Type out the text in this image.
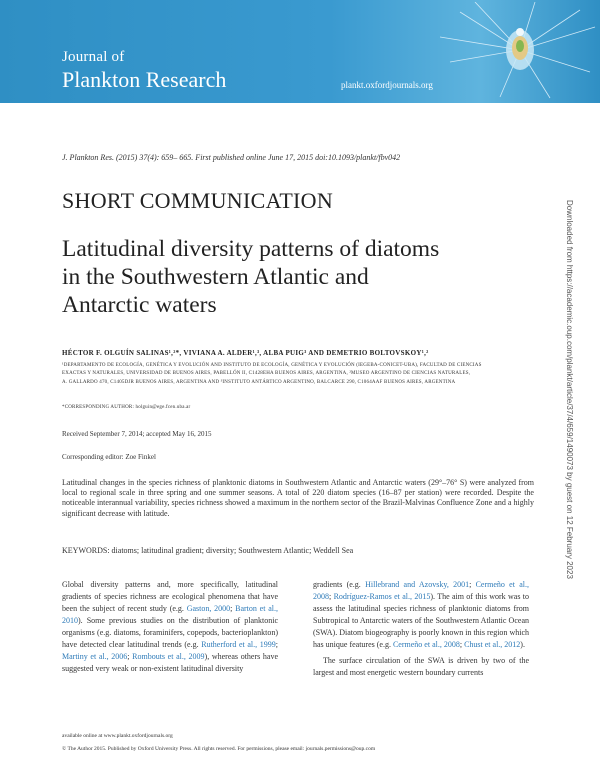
Journal of
Plankton Research	plankt.oxfordjournals.org
J. Plankton Res. (2015) 37(4): 659– 665. First published online June 17, 2015 doi:10.1093/plankt/fbv042
SHORT COMMUNICATION
Latitudinal diversity patterns of diatoms
in the Southwestern Atlantic and
Antarctic waters
HÉCTOR F. OLGUÍN SALINAS¹,²*, VIVIANA A. ALDER¹,³, ALBA PUIG³ AND DEMETRIO BOLTOVSKOY¹,²
¹DEPARTAMENTO DE ECOLOGÍA, GENÉTICA Y EVOLUCIÓN AND INSTITUTO DE ECOLOGÍA, GENÉTICA Y EVOLUCIÓN (IEGEBA-CONICET-UBA), FACULTAD DE CIENCIAS
EXACTAS Y NATURALES, UNIVERSIDAD DE BUENOS AIRES, PABELLÓN II, C1428EHA BUENOS AIRES, ARGENTINA, ²MUSEO ARGENTINO DE CIENCIAS NATURALES,
A. GALLARDO 470, C1405DJR BUENOS AIRES, ARGENTINA AND ³INSTITUTO ANTÁRTICO ARGENTINO, BALCARCE 290, C1064AAF BUENOS AIRES, ARGENTINA
*CORRESPONDING AUTHOR: holguin@ege.fcen.uba.ar
Received September 7, 2014; accepted May 16, 2015
Corresponding editor: Zoe Finkel
Latitudinal changes in the species richness of planktonic diatoms in Southwestern Atlantic and Antarctic waters (29°–76° S) were analyzed from local to regional scale in three spring and one summer seasons. A total of 220 diatom species (16–87 per station) were recorded. Despite the noticeable interannual variability, species richness showed a maximum in the northern sector of the Brazil-Malvinas Confluence Zone and a highly significant decrease with latitude.
KEYWORDS: diatoms; latitudinal gradient; diversity; Southwestern Atlantic; Weddell Sea

Global diversity patterns and, more specifically, latitudinal gradients of species richness are ecological phenomena that have been the subject of recent study (e.g. Gaston, 2000; Barton et al., 2010). Some previous studies on the distribution of planktonic organisms (e.g. diatoms, foraminifers, copepods, bacterioplankton) have detected clear latitudinal trends (e.g. Rutherford et al., 1999; Martiny et al., 2006; Rombouts et al., 2009), whereas others have suggested very weak or non-existent latitudinal diversity

gradients (e.g. Hillebrand and Azovsky, 2001; Cermeño et al., 2008; Rodríguez-Ramos et al., 2015). The aim of this work was to assess the latitudinal species richness of planktonic diatoms from Subtropical to Antarctic waters of the Southwestern Atlantic Ocean (SWA). Diatom biogeography is poorly known in this region which has unique features (e.g. Cermeño et al., 2008; Chust et al., 2012).

The surface circulation of the SWA is driven by two of the largest and most energetic western boundary currents

available online at www.plankt.oxfordjournals.org
© The Author 2015. Published by Oxford University Press. All rights reserved. For permissions, please email: journals.permissions@oup.com
Downloaded from https://academic.oup.com/plankt/article/37/4/659/1490073 by guest on 12 February 2023
